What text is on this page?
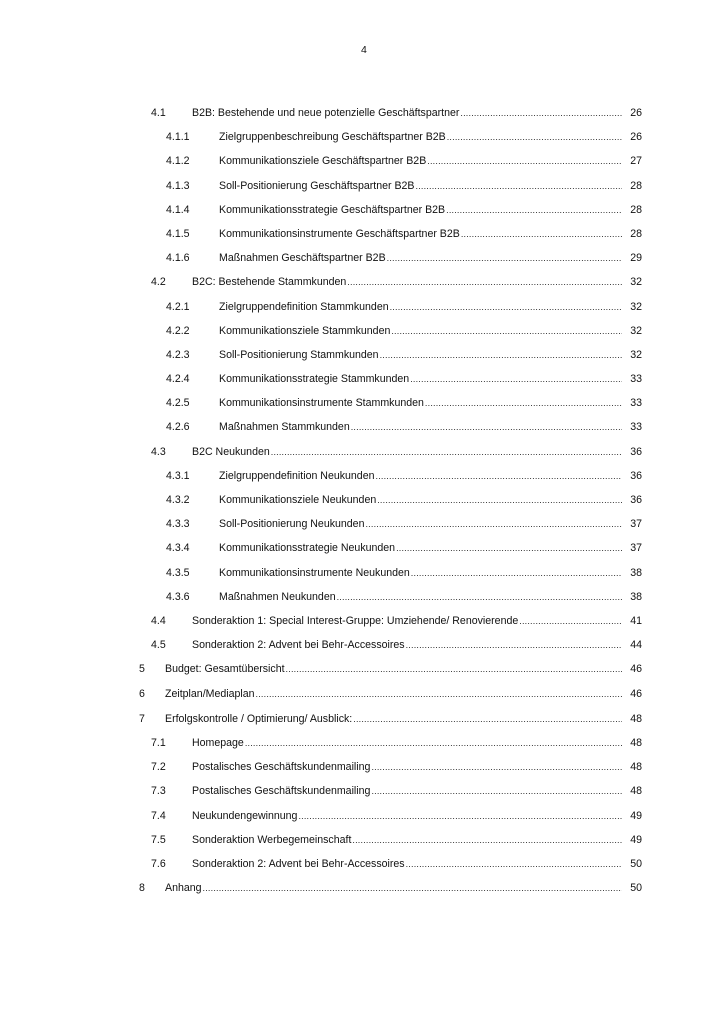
4
4.1 B2B: Bestehende und neue potenzielle Geschäftspartner .....	26
4.1.1	Zielgruppenbeschreibung Geschäftspartner B2B .....	26
4.1.2	Kommunikationsziele Geschäftspartner B2B .....	27
4.1.3	Soll-Positionierung Geschäftspartner B2B .....	28
4.1.4	Kommunikationsstrategie Geschäftspartner B2B .....	28
4.1.5	Kommunikationsinstrumente Geschäftspartner B2B .....	28
4.1.6	Maßnahmen Geschäftspartner B2B .....	29
4.2 B2C: Bestehende Stammkunden .....	32
4.2.1	Zielgruppendefinition Stammkunden .....	32
4.2.2	Kommunikationsziele Stammkunden .....	32
4.2.3	Soll-Positionierung Stammkunden .....	32
4.2.4	Kommunikationsstrategie Stammkunden .....	33
4.2.5	Kommunikationsinstrumente Stammkunden .....	33
4.2.6	Maßnahmen Stammkunden .....	33
4.3 B2C Neukunden .....	36
4.3.1	Zielgruppendefinition Neukunden .....	36
4.3.2	Kommunikationsziele Neukunden .....	36
4.3.3	Soll-Positionierung Neukunden .....	37
4.3.4	Kommunikationsstrategie Neukunden .....	37
4.3.5	Kommunikationsinstrumente Neukunden .....	38
4.3.6	Maßnahmen Neukunden .....	38
4.4 Sonderaktion 1: Special Interest-Gruppe: Umziehende/ Renovierende .....	41
4.5 Sonderaktion 2: Advent bei Behr-Accessoires .....	44
5 Budget: Gesamtübersicht .....	46
6 Zeitplan/Mediaplan .....	46
7 Erfolgskontrolle / Optimierung/ Ausblick: .....	48
7.1 Homepage .....	48
7.2 Postalisches Geschäftskundenmailing .....	48
7.3 Postalisches Geschäftskundenmailing .....	48
7.4 Neukundengewinnung .....	49
7.5 Sonderaktion Werbegemeinschaft .....	49
7.6 Sonderaktion 2: Advent bei Behr-Accessoires .....	50
8 Anhang .....	50
